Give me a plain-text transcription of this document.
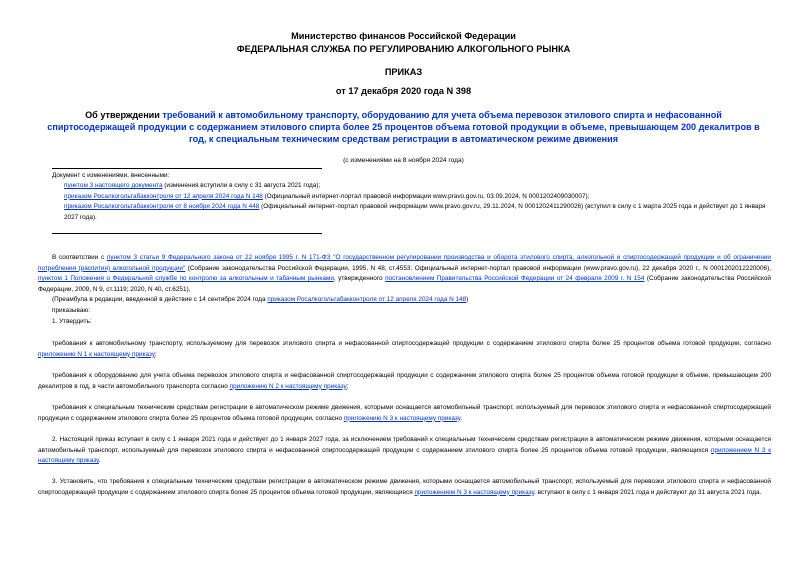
Министерство финансов Российской Федерации
ФЕДЕРАЛЬНАЯ СЛУЖБА ПО РЕГУЛИРОВАНИЮ АЛКОГОЛЬНОГО РЫНКА
ПРИКАЗ
от 17 декабря 2020 года N 398
Об утверждении требований к автомобильному транспорту, оборудованию для учета объема перевозок этилового спирта и нефасованной спиртосодержащей продукции с содержанием этилового спирта более 25 процентов объема готовой продукции в объеме, превышающем 200 декалитров в год, к специальным техническим средствам регистрации в автоматическом режиме движения
(с изменениями на 8 ноября 2024 года)

Документ с изменениями, внесенными:

пунктом 3 настоящего документа (изменения вступили в силу с 31 августа 2021 года);

приказом Росалкогольтабакконтроля от 12 апреля 2024 года N 148 (Официальный интернет-портал правовой информации www.pravo.gov.ru, 03.09.2024, N 0001202409030007);

приказом Росалкогольтабакконтроля от 8 ноября 2024 года N 448 (Официальный интернет-портал правовой информации www.pravo.gov.ru, 29.11.2024, N 0001202411290026) (вступил в силу с 1 марта 2025 года и действует до 1 января 2027 года).

В соответствии с пунктом 3 статьи 9 Федерального закона от 22 ноября 1995 г. N 171-ФЗ "О государственном регулировании производства и оборота этилового спирта, алкогольной и спиртосодержащей продукции и об ограничении потребления (распития) алкогольной продукции" (Собрание законодательства Российской Федерации, 1995, N 48, ст.4553; Официальный интернет-портал правовой информации (www.pravo.gov.ru), 22 декабря 2020 г., N 0001202012220006), пунктом 1 Положения о Федеральной службе по контролю за алкогольным и табачным рынками, утвержденного постановлением Правительства Российской Федерации от 24 февраля 2009 г. N 154 (Собрание законодательства Российской Федерации, 2009, N 9, ст.1119; 2020, N 40, ст.6251),

(Преамбула в редакции, введенной в действие с 14 сентября 2024 года приказом Росалкогольтабакконтроля от 12 апреля 2024 года N 148)

приказываю:

1. Утвердить:

требования к автомобильному транспорту, используемому для перевозок этилового спирта и нефасованной спиртосодержащей продукции с содержанием этилового спирта более 25 процентов объема готовой продукции, согласно приложению N 1 к настоящему приказу;

требования к оборудованию для учета объема перевозок этилового спирта и нефасованной спиртосодержащей продукции с содержанием этилового спирта более 25 процентов объема готовой продукции в объеме, превышающем 200 декалитров в год, в части автомобильного транспорта согласно приложению N 2 к настоящему приказу;

требования к специальным техническим средствам регистрации в автоматическом режиме движения, которыми оснащается автомобильный транспорт, используемый для перевозок этилового спирта и нефасованной спиртосодержащей продукции с содержанием этилового спирта более 25 процентов объема готовой продукции, согласно приложению N 3 к настоящему приказу.

2. Настоящий приказ вступает в силу с 1 января 2021 года и действует до 1 января 2027 года, за исключением требований к специальным техническим средствам регистрации в автоматическом режиме движения, которыми оснащается автомобильный транспорт, используемый для перевозок этилового спирта и нефасованной спиртосодержащей продукции с содержанием этилового спирта более 25 процентов объема готовой продукции, являющихся приложением N 3 к настоящему приказу.

3. Установить, что требования к специальным техническим средствам регистрации в автоматическом режиме движения, которыми оснащается автомобильный транспорт, используемый для перевозки этилового спирта и нефасованной спиртосодержащей продукции с содержанием этилового спирта более 25 процентов объема готовой продукции, являющиеся приложением N 3 к настоящему приказу, вступают в силу с 1 января 2021 года и действуют до 31 августа 2021 года.
